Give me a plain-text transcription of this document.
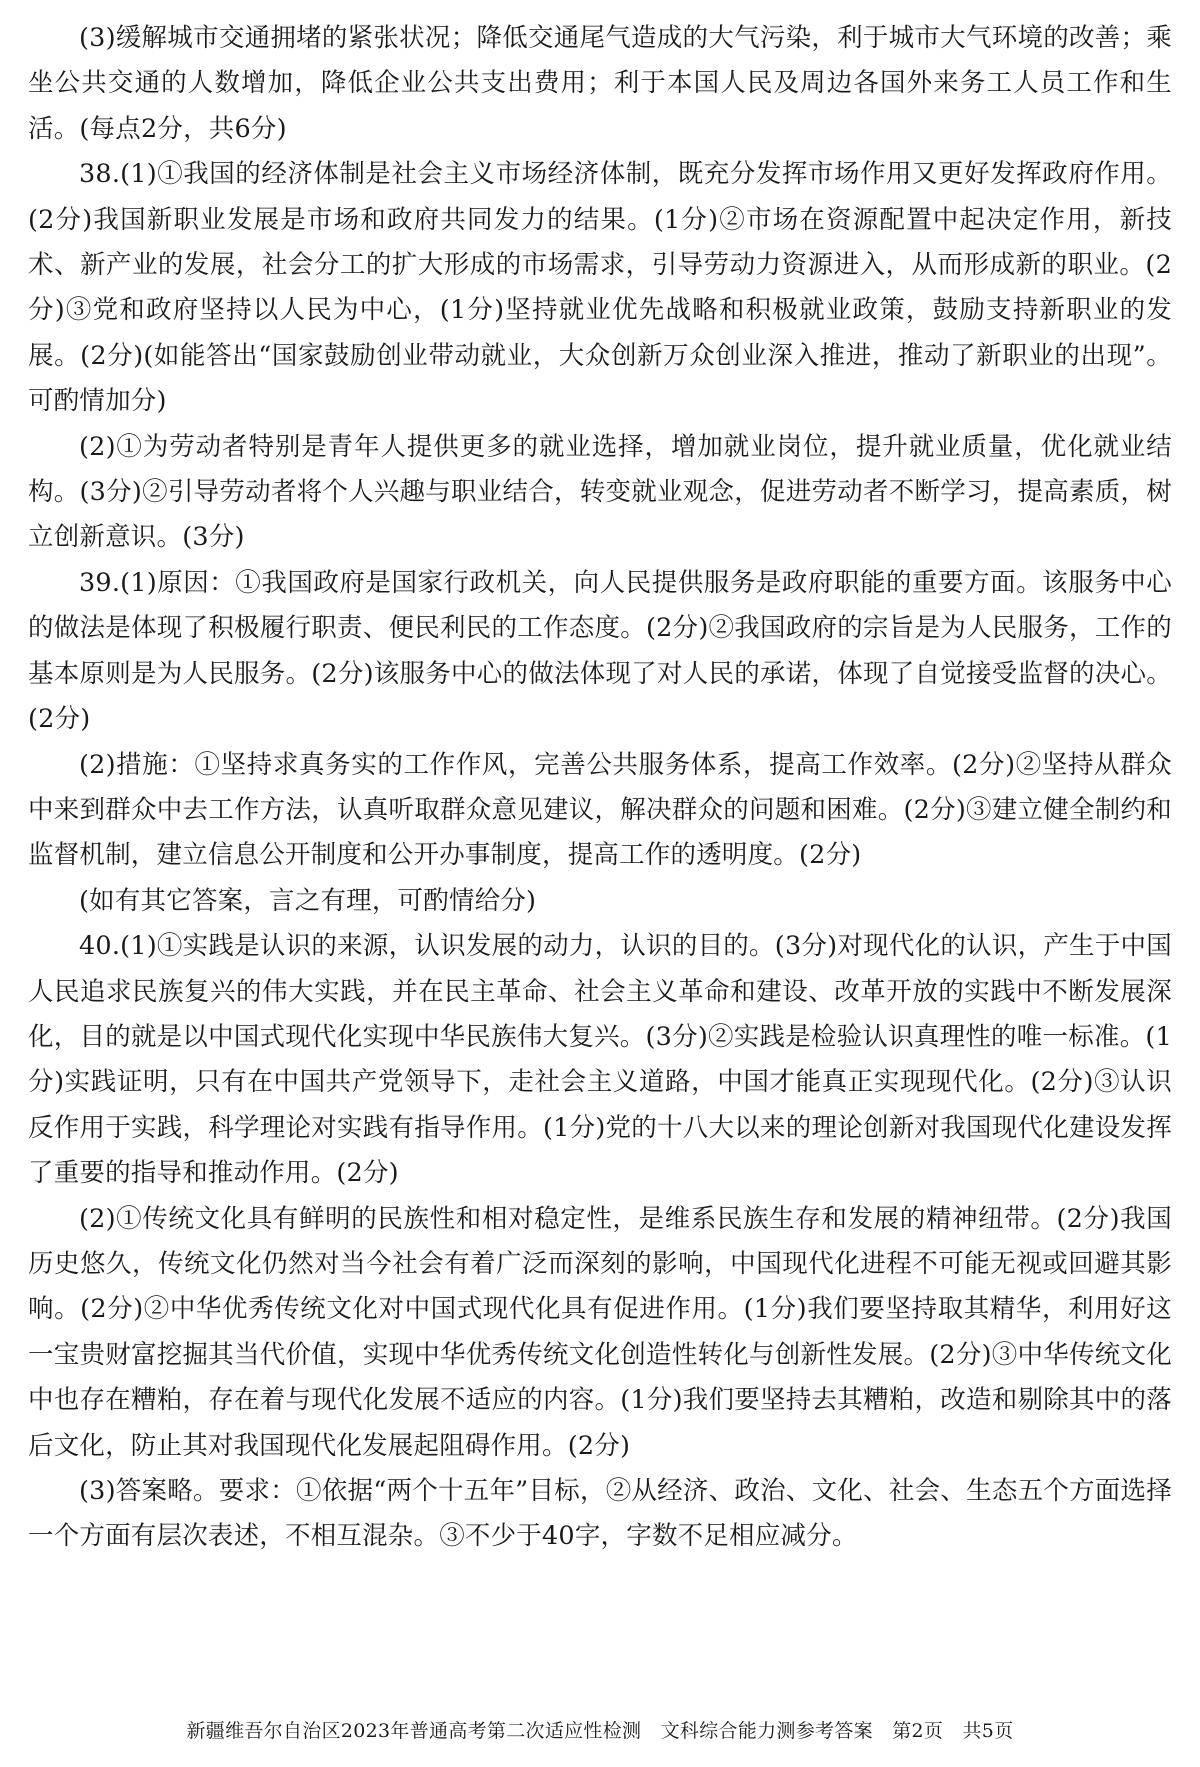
(3)缓解城市交通拥堵的紧张状况；降低交通尾气造成的大气污染，利于城市大气环境的改善；乘坐公共交通的人数增加，降低企业公共支出费用；利于本国人民及周边各国外来务工人员工作和生活。(每点2分，共6分)

38.(1)①我国的经济体制是社会主义市场经济体制，既充分发挥市场作用又更好发挥政府作用。(2分)我国新职业发展是市场和政府共同发力的结果。(1分)②市场在资源配置中起决定作用，新技术、新产业的发展，社会分工的扩大形成的市场需求，引导劳动力资源进入，从而形成新的职业。(2分)③党和政府坚持以人民为中心，(1分)坚持就业优先战略和积极就业政策，鼓励支持新职业的发展。(2分)(如能答出“国家鼓励创业带动就业，大众创新万众创业深入推进，推动了新职业的出现”。可酌情加分)

(2)①为劳动者特别是青年人提供更多的就业选择，增加就业岗位，提升就业质量，优化就业结构。(3分)②引导劳动者将个人兴趣与职业结合，转变就业观念，促进劳动者不断学习，提高素质，树立创新意识。(3分)

39.(1)原因：①我国政府是国家行政机关，向人民提供服务是政府职能的重要方面。该服务中心的做法是体现了积极履行职责、便民利民的工作态度。(2分)②我国政府的宗旨是为人民服务，工作的基本原则是为人民服务。(2分)该服务中心的做法体现了对人民的承诺，体现了自觉接受监督的决心。(2分)

(2)措施：①坚持求真务实的工作作风，完善公共服务体系，提高工作效率。(2分)②坚持从群众中来到群众中去工作方法，认真听取群众意见建议，解决群众的问题和困难。(2分)③建立健全制约和监督机制，建立信息公开制度和公开办事制度，提高工作的透明度。(2分)

(如有其它答案，言之有理，可酌情给分)

40.(1)①实践是认识的来源，认识发展的动力，认识的目的。(3分)对现代化的认识，产生于中国人民追求民族复兴的伟大实践，并在民主革命、社会主义革命和建设、改革开放的实践中不断发展深化，目的就是以中国式现代化实现中华民族伟大复兴。(3分)②实践是检验认识真理性的唯一标准。(1分)实践证明，只有在中国共产党领导下，走社会主义道路，中国才能真正实现现代化。(2分)③认识反作用于实践，科学理论对实践有指导作用。(1分)党的十八大以来的理论创新对我国现代化建设发挥了重要的指导和推动作用。(2分)

(2)①传统文化具有鲜明的民族性和相对稳定性，是维系民族生存和发展的精神纽带。(2分)我国历史悠久，传统文化仍然对当今社会有着广泛而深刻的影响，中国现代化进程不可能无视或回避其影响。(2分)②中华优秀传统文化对中国式现代化具有促进作用。(1分)我们要坚持取其精华，利用好这一宝贵财富挖掘其当代价值，实现中华优秀传统文化创造性转化与创新性发展。(2分)③中华传统文化中也存在糟粕，存在着与现代化发展不适应的内容。(1分)我们要坚持去其糟粕，改造和剔除其中的落后文化，防止其对我国现代化发展起阻碍作用。(2分)

(3)答案略。要求：①依据“两个十五年”目标，②从经济、政治、文化、社会、生态五个方面选择一个方面有层次表述，不相互混杂。③不少于40字，字数不足相应减分。

新疆维吾尔自治区2023年普通高考第二次适应性检测　文科综合能力测参考答案　第2页　共5页
